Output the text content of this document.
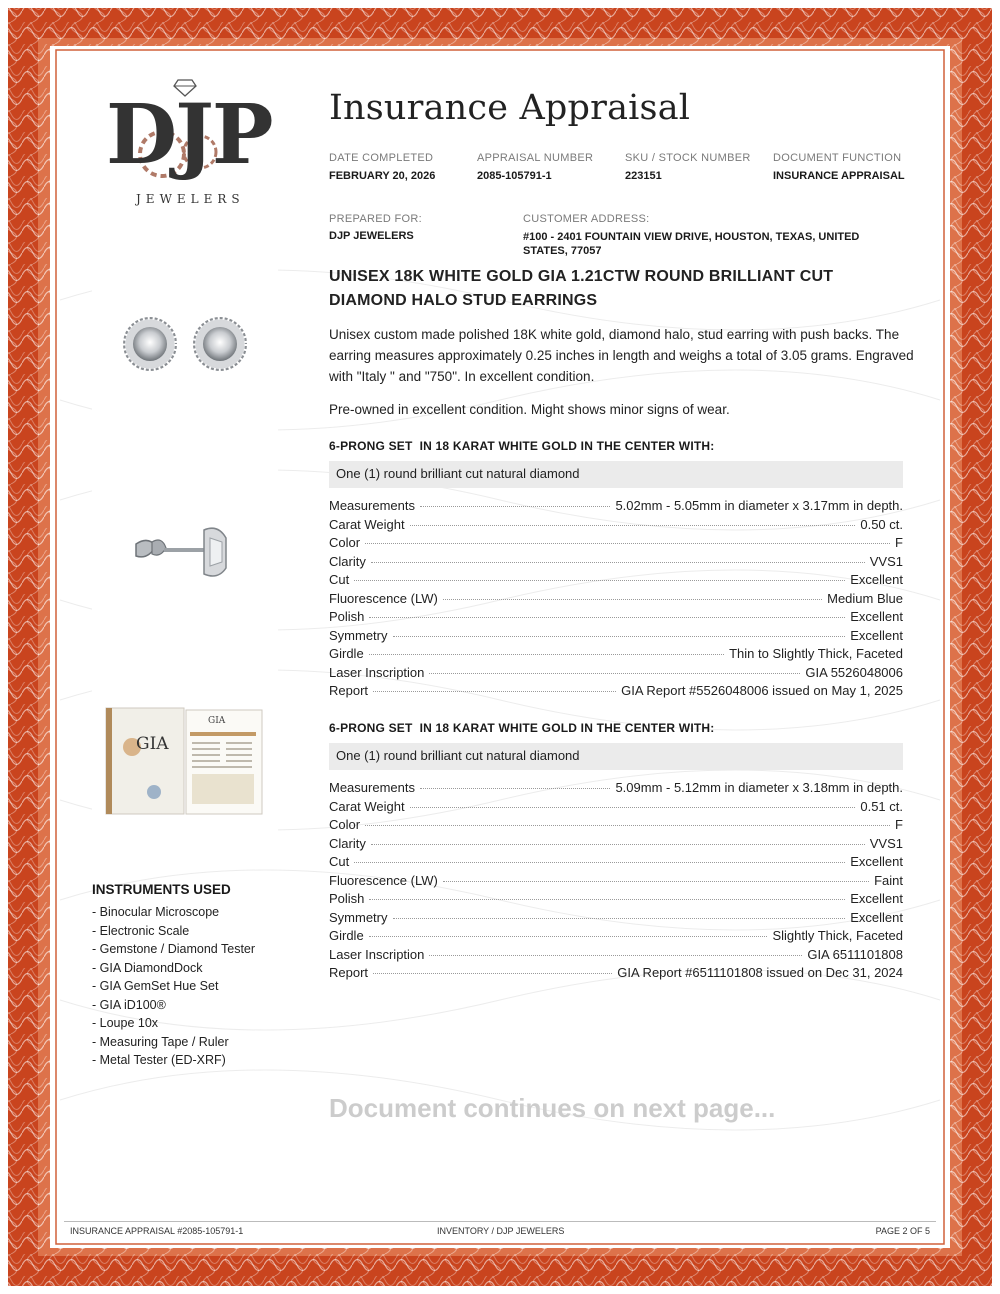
DJP
JEWELERS
Insurance Appraisal
DATE COMPLETED
FEBRUARY 20, 2026
APPRAISAL NUMBER
2085-105791-1
SKU / STOCK NUMBER
223151
DOCUMENT FUNCTION
INSURANCE APPRAISAL
PREPARED FOR:
DJP JEWELERS
CUSTOMER ADDRESS:
#100 - 2401 FOUNTAIN VIEW DRIVE, HOUSTON, TEXAS, UNITED STATES, 77057
UNISEX 18K WHITE GOLD GIA 1.21CTW ROUND BRILLIANT CUT DIAMOND HALO STUD EARRINGS
Unisex custom made polished 18K white gold, diamond halo, stud earring with push backs. The earring measures approximately 0.25 inches in length and weighs a total of 3.05 grams. Engraved with "Italy " and "750". In excellent condition.
Pre-owned in excellent condition. Might shows minor signs of wear.
6-PRONG SET  IN 18 KARAT WHITE GOLD IN THE CENTER WITH:
One (1) round brilliant cut natural diamond
Measurements	5.02mm - 5.05mm in diameter x 3.17mm in depth.
Carat Weight	0.50 ct.
Color	F
Clarity	VVS1
Cut	Excellent
Fluorescence (LW)	Medium Blue
Polish	Excellent
Symmetry	Excellent
Girdle	Thin to Slightly Thick, Faceted
Laser Inscription	GIA 5526048006
Report	GIA Report #5526048006 issued on May 1, 2025
6-PRONG SET  IN 18 KARAT WHITE GOLD IN THE CENTER WITH:
One (1) round brilliant cut natural diamond
Measurements	5.09mm - 5.12mm in diameter x 3.18mm in depth.
Carat Weight	0.51 ct.
Color	F
Clarity	VVS1
Cut	Excellent
Fluorescence (LW)	Faint
Polish	Excellent
Symmetry	Excellent
Girdle	Slightly Thick, Faceted
Laser Inscription	GIA 6511101808
Report	GIA Report #6511101808 issued on Dec 31, 2024
GIA
GIA
INSTRUMENTS USED
- Binocular Microscope
- Electronic Scale
- Gemstone / Diamond Tester
- GIA DiamondDock
- GIA GemSet Hue Set
- GIA iD100®
- Loupe 10x
- Measuring Tape / Ruler
- Metal Tester (ED-XRF)
Document continues on next page...
INSURANCE APPRAISAL #2085-105791-1	INVENTORY / DJP JEWELERS	PAGE 2 OF 5
